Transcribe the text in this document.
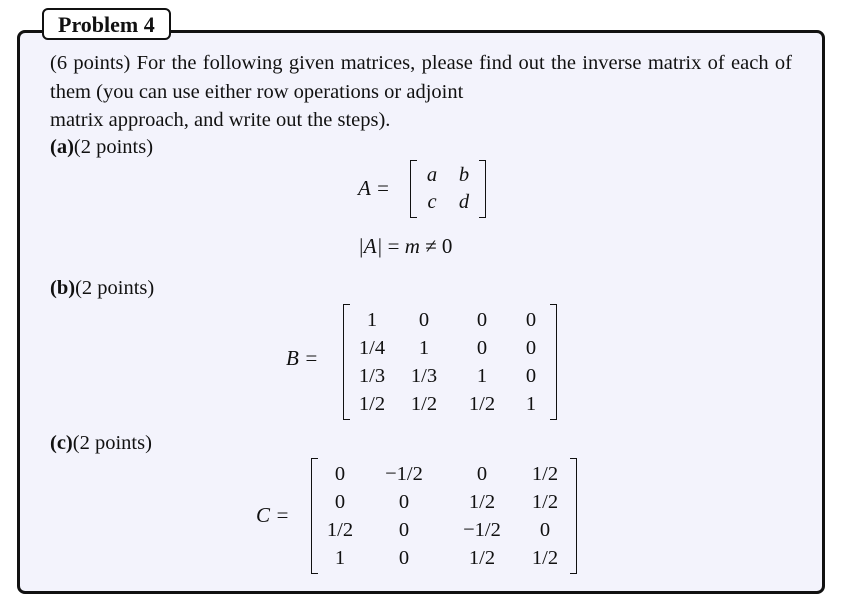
Problem 4
(6 points) For the following given matrices, please find out the inverse matrix of each of them (you can use either row operations or adjoint
matrix approach, and write out the steps).
(a)(2 points)
A =
a b
c d
|A| = m ≠ 0
(b)(2 points)
B =
1 0 0 0
1/4 1 0 0
1/3 1/3 1 0
1/2 1/2 1/2 1
(c)(2 points)
C =
0 −1/2	0 1/2
0	0	1/2 1/2
1/2 0	−1/2 0
1	0	1/2 1/2
